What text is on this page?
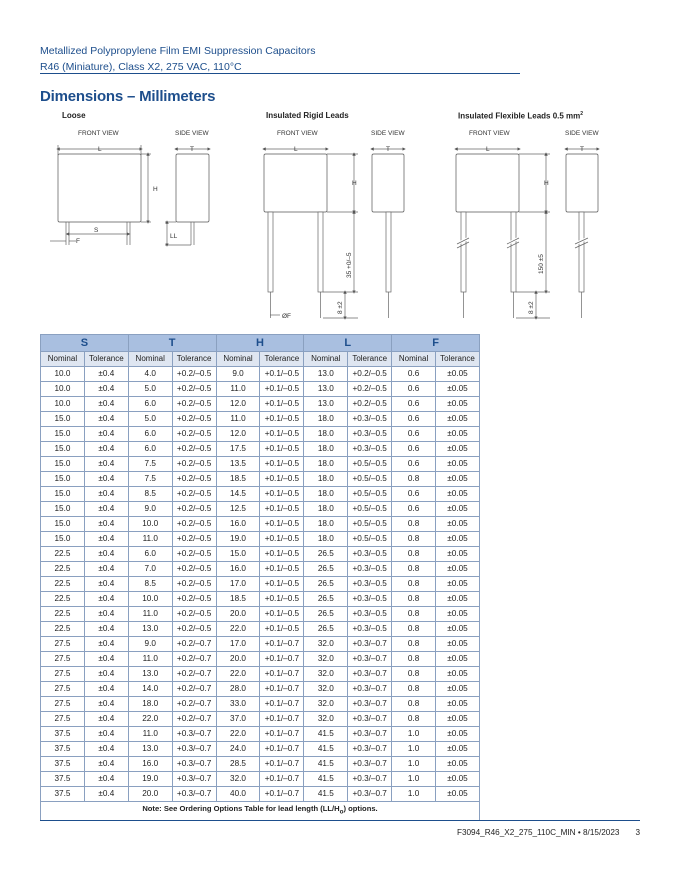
Metallized Polypropylene Film EMI Suppression Capacitors
R46 (Miniature), Class X2, 275 VAC, 110°C
Dimensions – Millimeters
Loose	Insulated Rigid Leads	Insulated Flexible Leads 0.5 $mm^2$
FRONT VIEW	SIDE VIEW	FRONT VIEW	SIDE VIEW	FRONT VIEW	SIDE VIEW
L	T
H
S
F
LL
L	T
H
ØF
35 +0/–5
8 ±2
L	T
H
150 ±5
8 ±2
S		T		H		L		F	
Nominal	Tolerance	Nominal	Tolerance	Nominal	Tolerance	Nominal	Tolerance	Nominal	Tolerance
10.0	±0.4	4.0	+0.2/–0.5	9.0	+0.1/–0.5	13.0	+0.2/–0.5	0.6	±0.05
10.0	±0.4	5.0	+0.2/–0.5	11.0	+0.1/–0.5	13.0	+0.2/–0.5	0.6	±0.05
10.0	±0.4	6.0	+0.2/–0.5	12.0	+0.1/–0.5	13.0	+0.2/–0.5	0.6	±0.05
15.0	±0.4	5.0	+0.2/–0.5	11.0	+0.1/–0.5	18.0	+0.3/–0.5	0.6	±0.05
15.0	±0.4	6.0	+0.2/–0.5	12.0	+0.1/–0.5	18.0	+0.3/–0.5	0.6	±0.05
15.0	±0.4	6.0	+0.2/–0.5	17.5	+0.1/–0.5	18.0	+0.3/–0.5	0.6	±0.05
15.0	±0.4	7.5	+0.2/–0.5	13.5	+0.1/–0.5	18.0	+0.5/–0.5	0.6	±0.05
15.0	±0.4	7.5	+0.2/–0.5	18.5	+0.1/–0.5	18.0	+0.5/–0.5	0.8	±0.05
15.0	±0.4	8.5	+0.2/–0.5	14.5	+0.1/–0.5	18.0	+0.5/–0.5	0.6	±0.05
15.0	±0.4	9.0	+0.2/–0.5	12.5	+0.1/–0.5	18.0	+0.5/–0.5	0.6	±0.05
15.0	±0.4	10.0	+0.2/–0.5	16.0	+0.1/–0.5	18.0	+0.5/–0.5	0.8	±0.05
15.0	±0.4	11.0	+0.2/–0.5	19.0	+0.1/–0.5	18.0	+0.5/–0.5	0.8	±0.05
22.5	±0.4	6.0	+0.2/–0.5	15.0	+0.1/–0.5	26.5	+0.3/–0.5	0.8	±0.05
22.5	±0.4	7.0	+0.2/–0.5	16.0	+0.1/–0.5	26.5	+0.3/–0.5	0.8	±0.05
22.5	±0.4	8.5	+0.2/–0.5	17.0	+0.1/–0.5	26.5	+0.3/–0.5	0.8	±0.05
22.5	±0.4	10.0	+0.2/–0.5	18.5	+0.1/–0.5	26.5	+0.3/–0.5	0.8	±0.05
22.5	±0.4	11.0	+0.2/–0.5	20.0	+0.1/–0.5	26.5	+0.3/–0.5	0.8	±0.05
22.5	±0.4	13.0	+0.2/–0.5	22.0	+0.1/–0.5	26.5	+0.3/–0.5	0.8	±0.05
27.5	±0.4	9.0	+0.2/–0.7	17.0	+0.1/–0.7	32.0	+0.3/–0.7	0.8	±0.05
27.5	±0.4	11.0	+0.2/–0.7	20.0	+0.1/–0.7	32.0	+0.3/–0.7	0.8	±0.05
27.5	±0.4	13.0	+0.2/–0.7	22.0	+0.1/–0.7	32.0	+0.3/–0.7	0.8	±0.05
27.5	±0.4	14.0	+0.2/–0.7	28.0	+0.1/–0.7	32.0	+0.3/–0.7	0.8	±0.05
27.5	±0.4	18.0	+0.2/–0.7	33.0	+0.1/–0.7	32.0	+0.3/–0.7	0.8	±0.05
27.5	±0.4	22.0	+0.2/–0.7	37.0	+0.1/–0.7	32.0	+0.3/–0.7	0.8	±0.05
37.5	±0.4	11.0	+0.3/–0.7	22.0	+0.1/–0.7	41.5	+0.3/–0.7	1.0	±0.05
37.5	±0.4	13.0	+0.3/–0.7	24.0	+0.1/–0.7	41.5	+0.3/–0.7	1.0	±0.05
37.5	±0.4	16.0	+0.3/–0.7	28.5	+0.1/–0.7	41.5	+0.3/–0.7	1.0	±0.05
37.5	±0.4	19.0	+0.3/–0.7	32.0	+0.1/–0.7	41.5	+0.3/–0.7	1.0	±0.05
37.5	±0.4	20.0	+0.3/–0.7	40.0	+0.1/–0.7	41.5	+0.3/–0.7	1.0	±0.05
Note: See Ordering Options Table for lead length $(LL/H_o)$ options.									
F3094_R46_X2_275_110C_MIN • 8/15/2023 3
